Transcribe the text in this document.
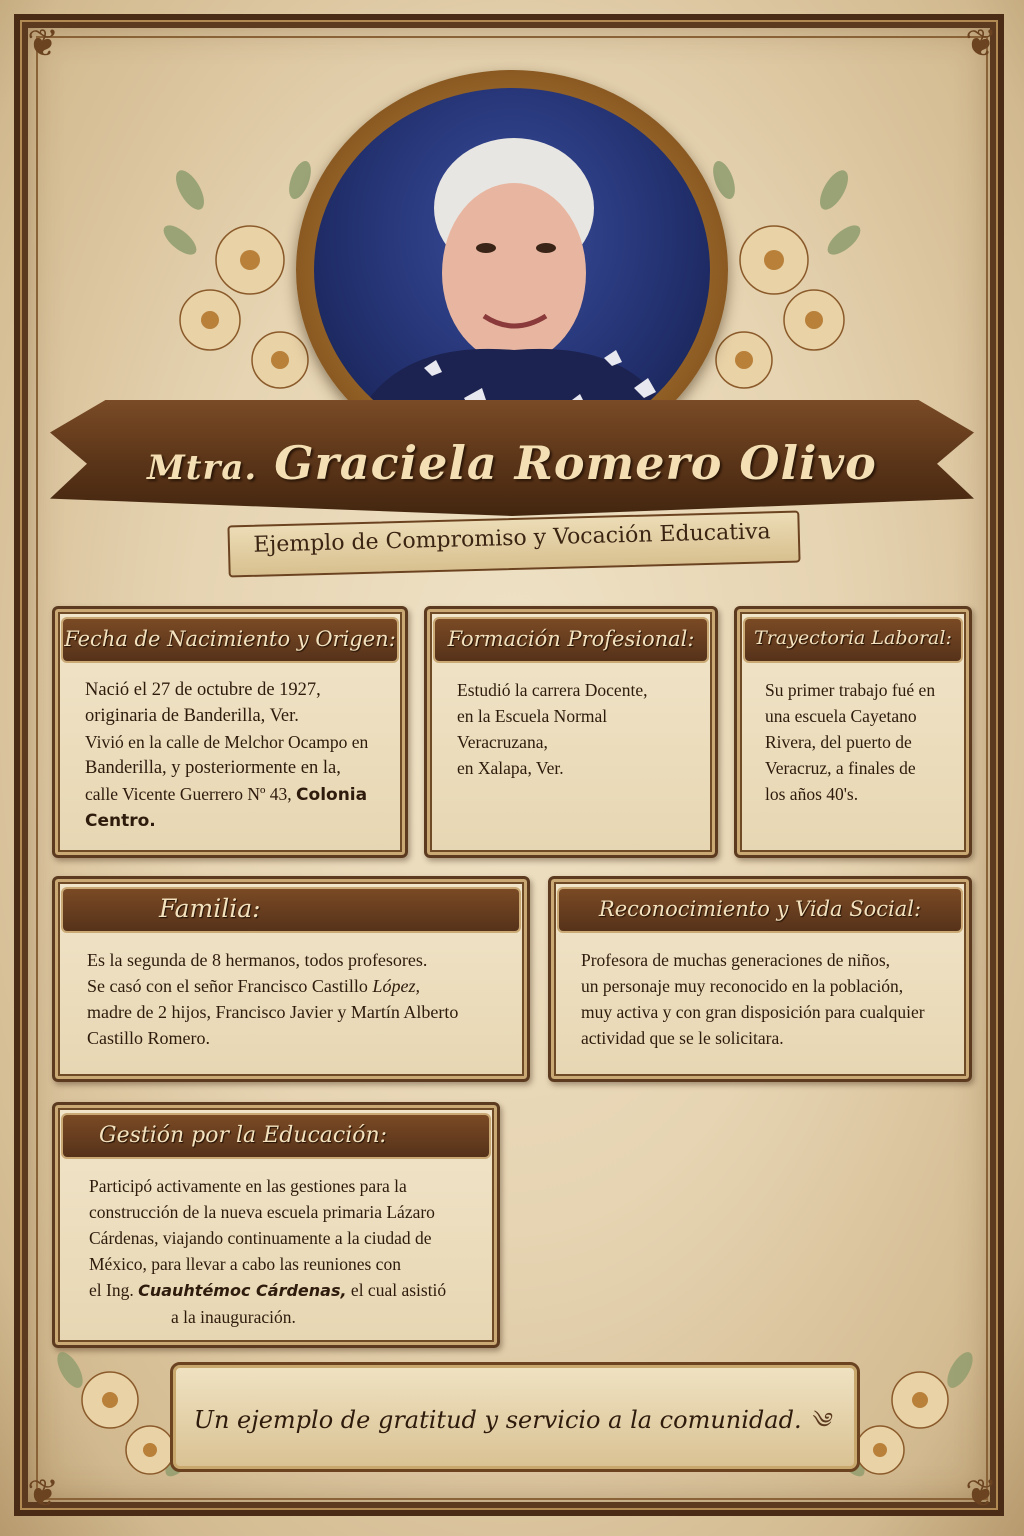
❦	❦
❦	❦
Mtra. Graciela Romero Olivo
Ejemplo de Compromiso y Vocación Educativa
Fecha de Nacimiento y Origen:

Nació el 27 de octubre de 1927,

originaria de Banderilla, Ver.

Vivió en la calle de Melchor Ocampo en

Banderilla, y posteriormente en la,

calle Vicente Guerrero Nº 43, Colonia

Centro.

Formación Profesional:

Estudió la carrera Docente,

en la Escuela Normal Veracruzana,

en Xalapa, Ver.

Trayectoria Laboral:

Su primer trabajo fué en

una escuela Cayetano

Rivera, del puerto de

Veracruz, a finales de

los años 40's.

Familia:

Es la segunda de 8 hermanos, todos profesores.

Se casó con el señor Francisco Castillo López,

madre de 2 hijos, Francisco Javier y Martín Alberto

Castillo Romero.

Reconocimiento y Vida Social:

Profesora de muchas generaciones de niños,

un personaje muy reconocido en la población,

muy activa y con gran disposición para cualquier

actividad que se le solicitara.

Gestión por la Educación:

Participó activamente en las gestiones para la

construcción de la nueva escuela primaria Lázaro

Cárdenas, viajando continuamente a la ciudad de

México, para llevar a cabo las reuniones con

el Ing. Cuauhtémoc Cárdenas, el cual asistió

a la inauguración.

Un ejemplo de gratitud y servicio a la comunidad. ༄
